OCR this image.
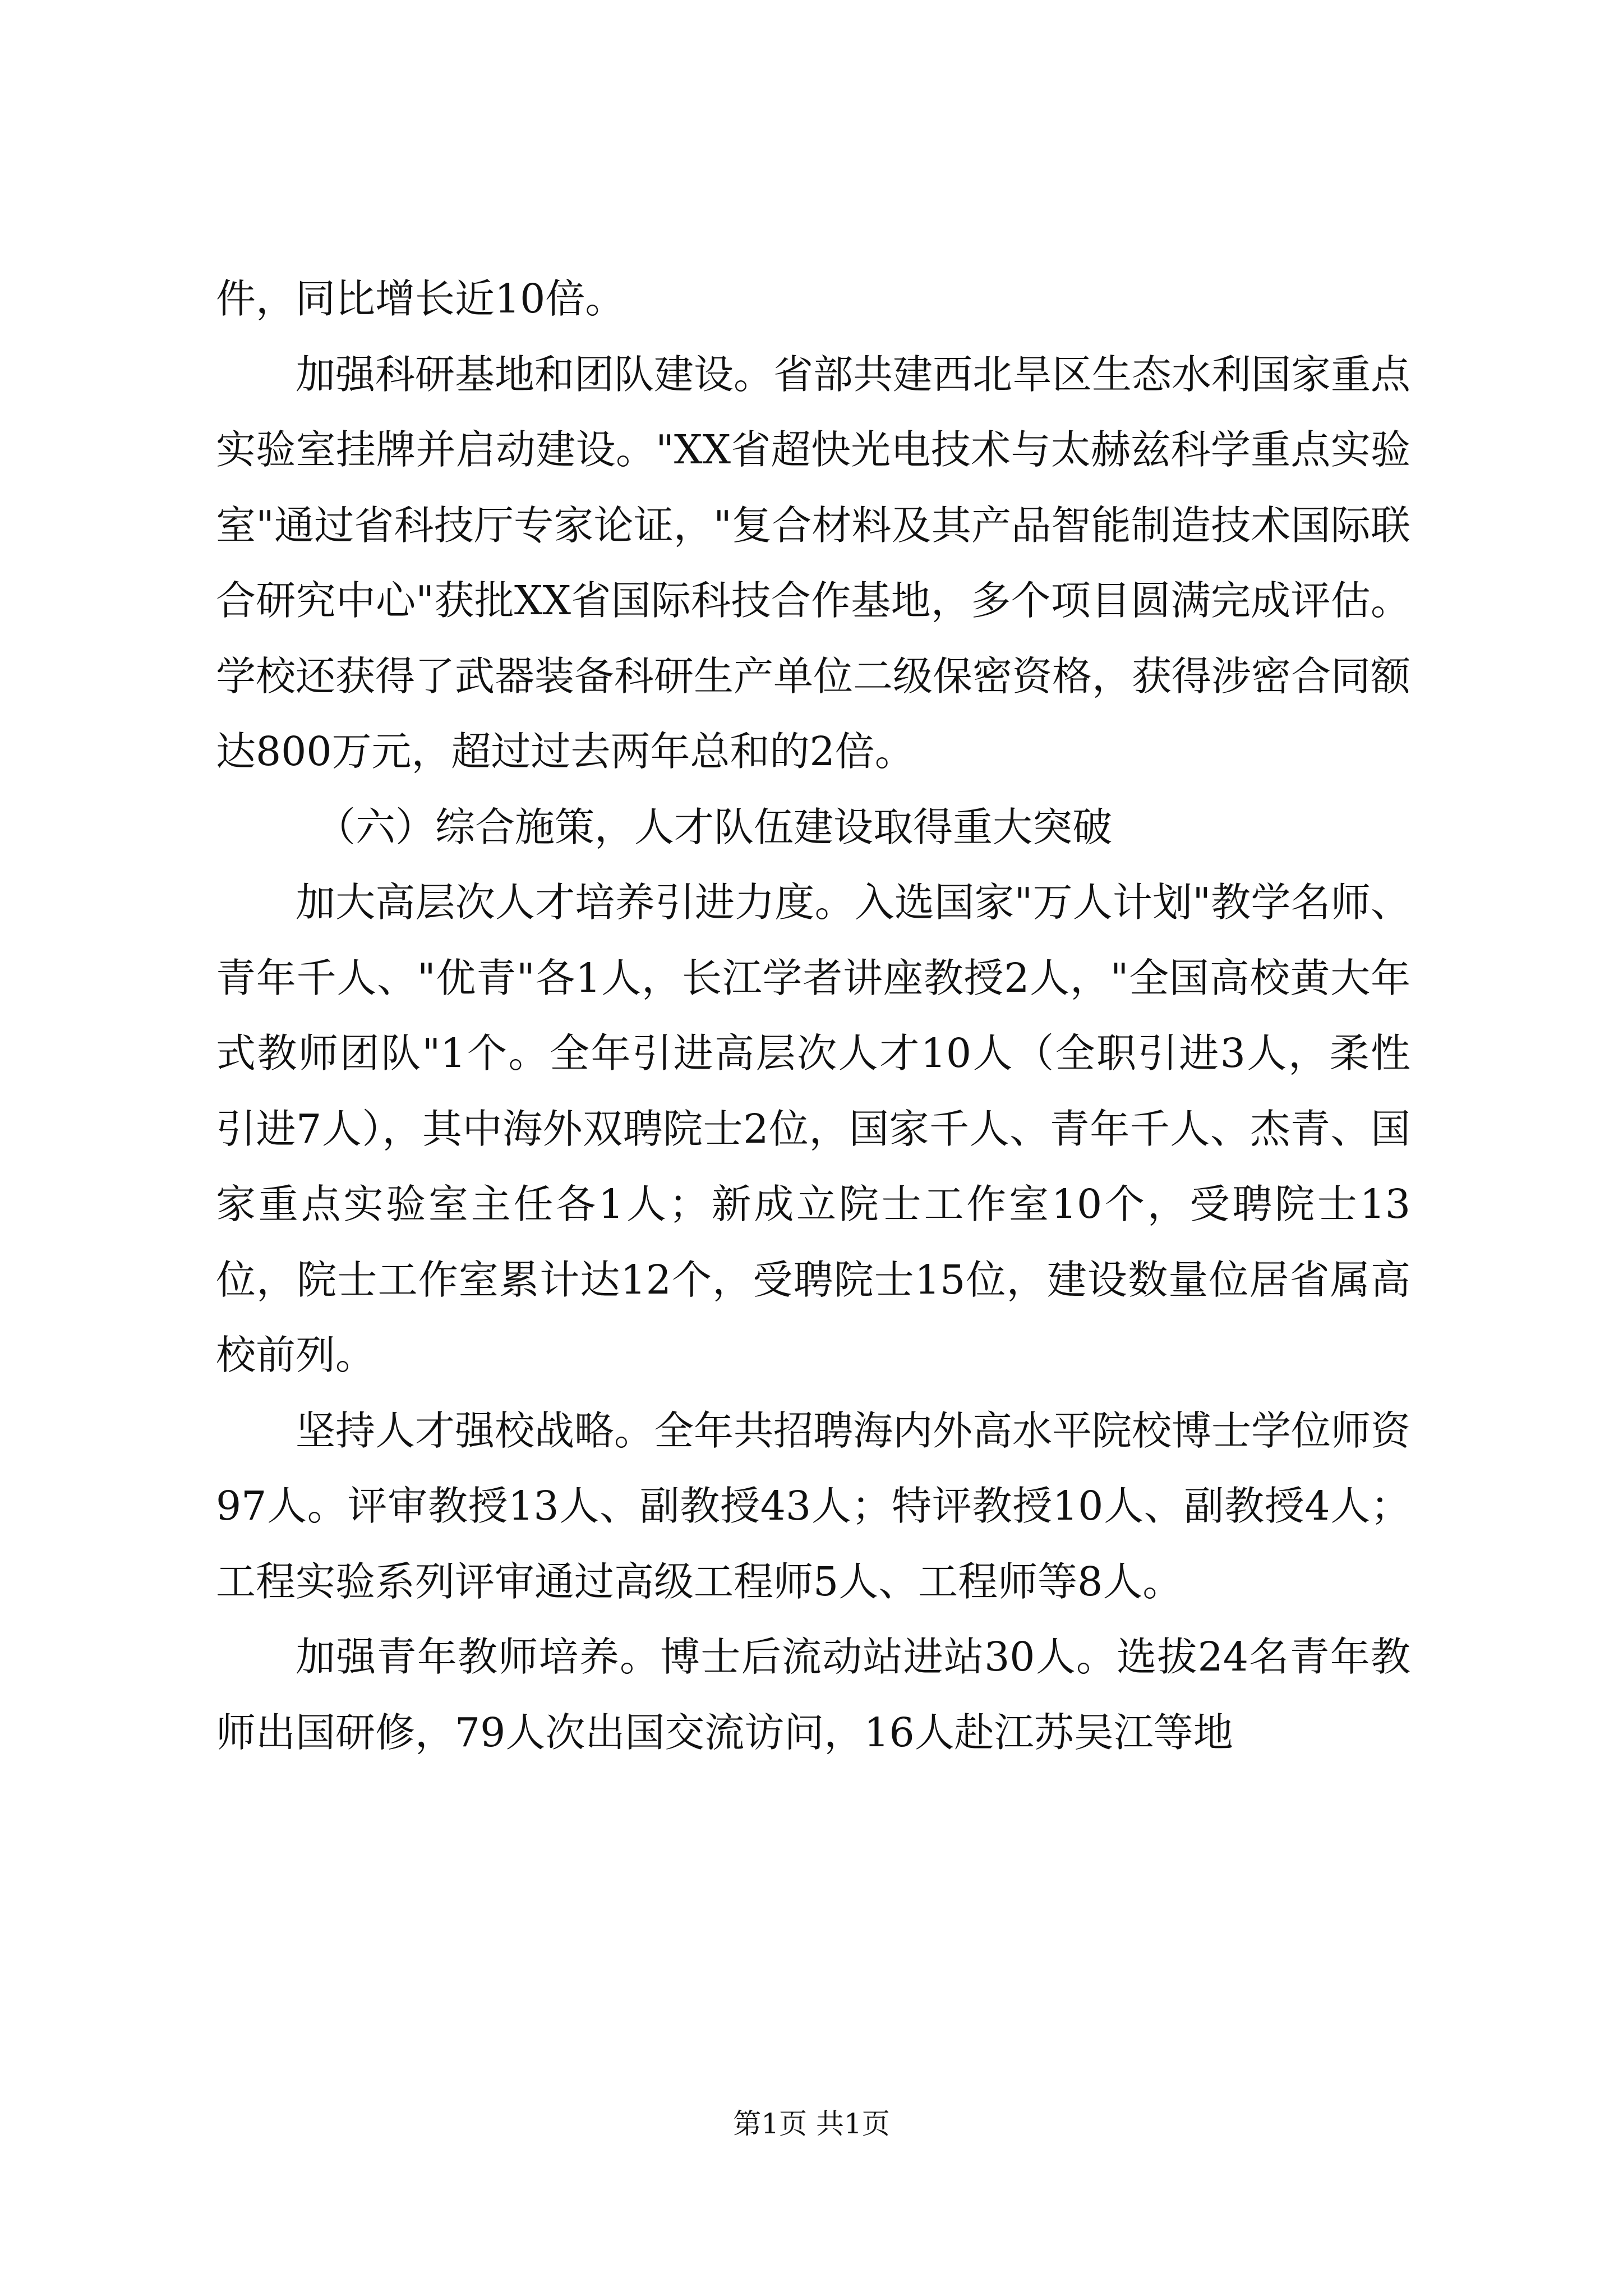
件，同比增长近10倍。

加强科研基地和团队建设。省部共建西北旱区生态水利国家重点实验室挂牌并启动建设。"XX省超快光电技术与太赫兹科学重点实验室"通过省科技厅专家论证，"复合材料及其产品智能制造技术国际联合研究中心"获批XX省国际科技合作基地，多个项目圆满完成评估。学校还获得了武器装备科研生产单位二级保密资格，获得涉密合同额达800万元，超过过去两年总和的2倍。

（六）综合施策，人才队伍建设取得重大突破

加大高层次人才培养引进力度。入选国家"万人计划"教学名师、青年千人、"优青"各1人，长江学者讲座教授2人，"全国高校黄大年式教师团队"1个。全年引进高层次人才10人（全职引进3人，柔性引进7人），其中海外双聘院士2位，国家千人、青年千人、杰青、国家重点实验室主任各1人；新成立院士工作室10个，受聘院士13位，院士工作室累计达12个，受聘院士15位，建设数量位居省属高校前列。

坚持人才强校战略。全年共招聘海内外高水平院校博士学位师资97人。评审教授13人、副教授43人；特评教授10人、副教授4人；工程实验系列评审通过高级工程师5人、工程师等8人。

加强青年教师培养。博士后流动站进站30人。选拔24名青年教师出国研修，79人次出国交流访问，16人赴江苏吴江等地

第1页 共1页
